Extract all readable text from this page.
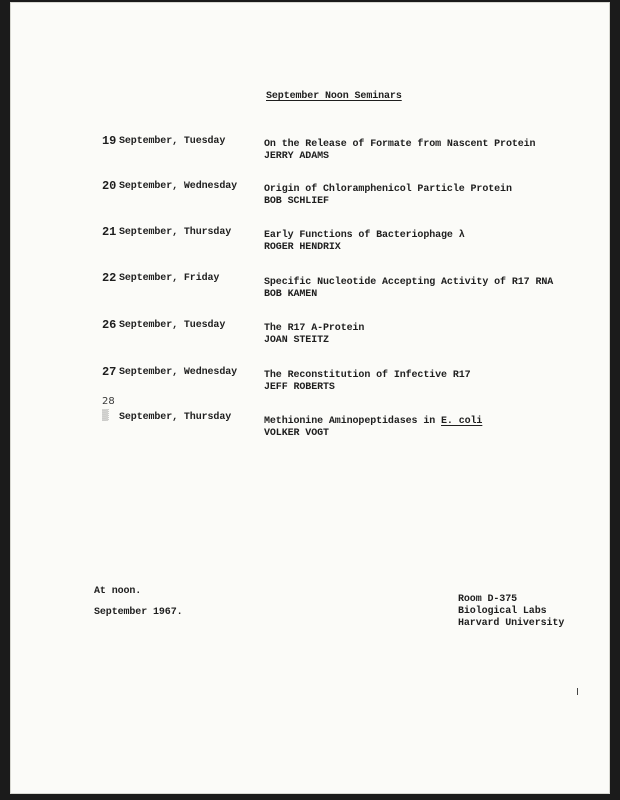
September Noon Seminars
19 September, Tuesday	On the Release of Formate from Nascent Protein
JERRY ADAMS
20 September, Wednesday	Origin of Chloramphenicol Particle Protein
BOB SCHLIEF
21 September, Thursday	Early Functions of Bacteriophage λ
ROGER HENDRIX
22 September, Friday	Specific Nucleotide Accepting Activity of R17 RNA
BOB KAMEN
26 September, Tuesday	The R17 A-Protein
JOAN STEITZ
27 September, Wednesday	The Reconstitution of Infective R17
JEFF ROBERTS
28
▒ September, Thursday	Methionine Aminopeptidases in E. coli
VOLKER VOGT
At noon.
September 1967.
Room D-375
Biological Labs
Harvard University
